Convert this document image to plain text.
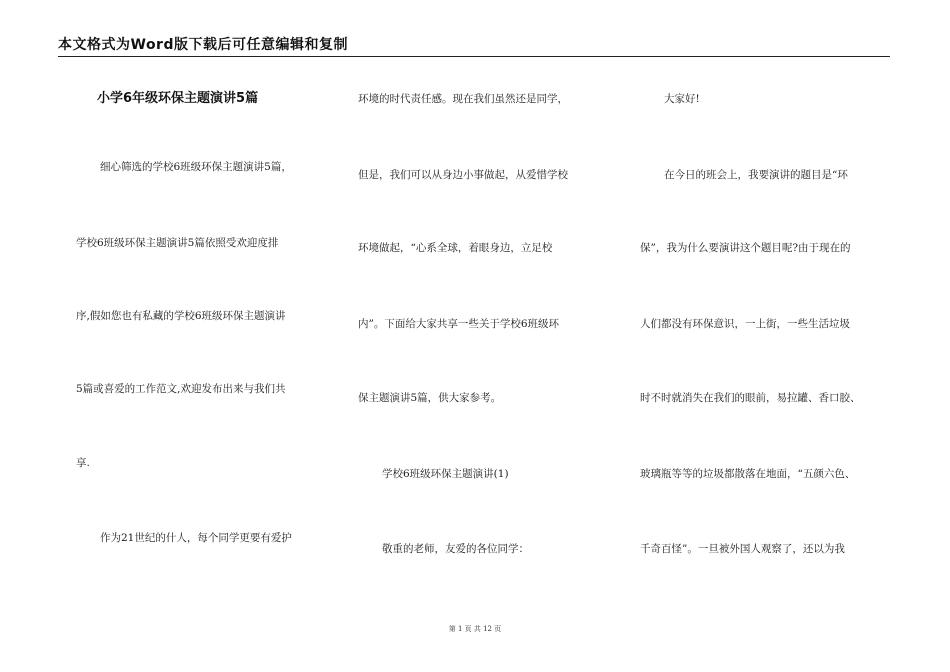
本文格式为Word版下载后可任意编辑和复制
小学6年级环保主题演讲5篇
细心筛选的学校6班级环保主题演讲5篇，
学校6班级环保主题演讲5篇依照受欢迎度排
序,假如您也有私藏的学校6班级环保主题演讲
5篇或喜爱的工作范文,欢迎发布出来与我们共
享.
作为21世纪的什人，每个同学更要有爱护
环境的时代责任感。现在我们虽然还是同学，
但是，我们可以从身边小事做起，从爱惜学校
环境做起，“心系全球，着眼身边，立足校
内”。下面给大家共享一些关于学校6班级环
保主题演讲5篇，供大家参考。
学校6班级环保主题演讲(1)
敬重的老师，友爱的各位同学：
大家好!
在今日的班会上，我要演讲的题目是“环
保”，我为什么要演讲这个题目呢?由于现在的
人们都没有环保意识，一上街，一些生活垃圾
时不时就消失在我们的眼前，易拉罐、香口胶、
玻璃瓶等等的垃圾都散落在地面，“五颜六色、
千奇百怪”。一旦被外国人观察了，还以为我
第 1 页 共 12 页
